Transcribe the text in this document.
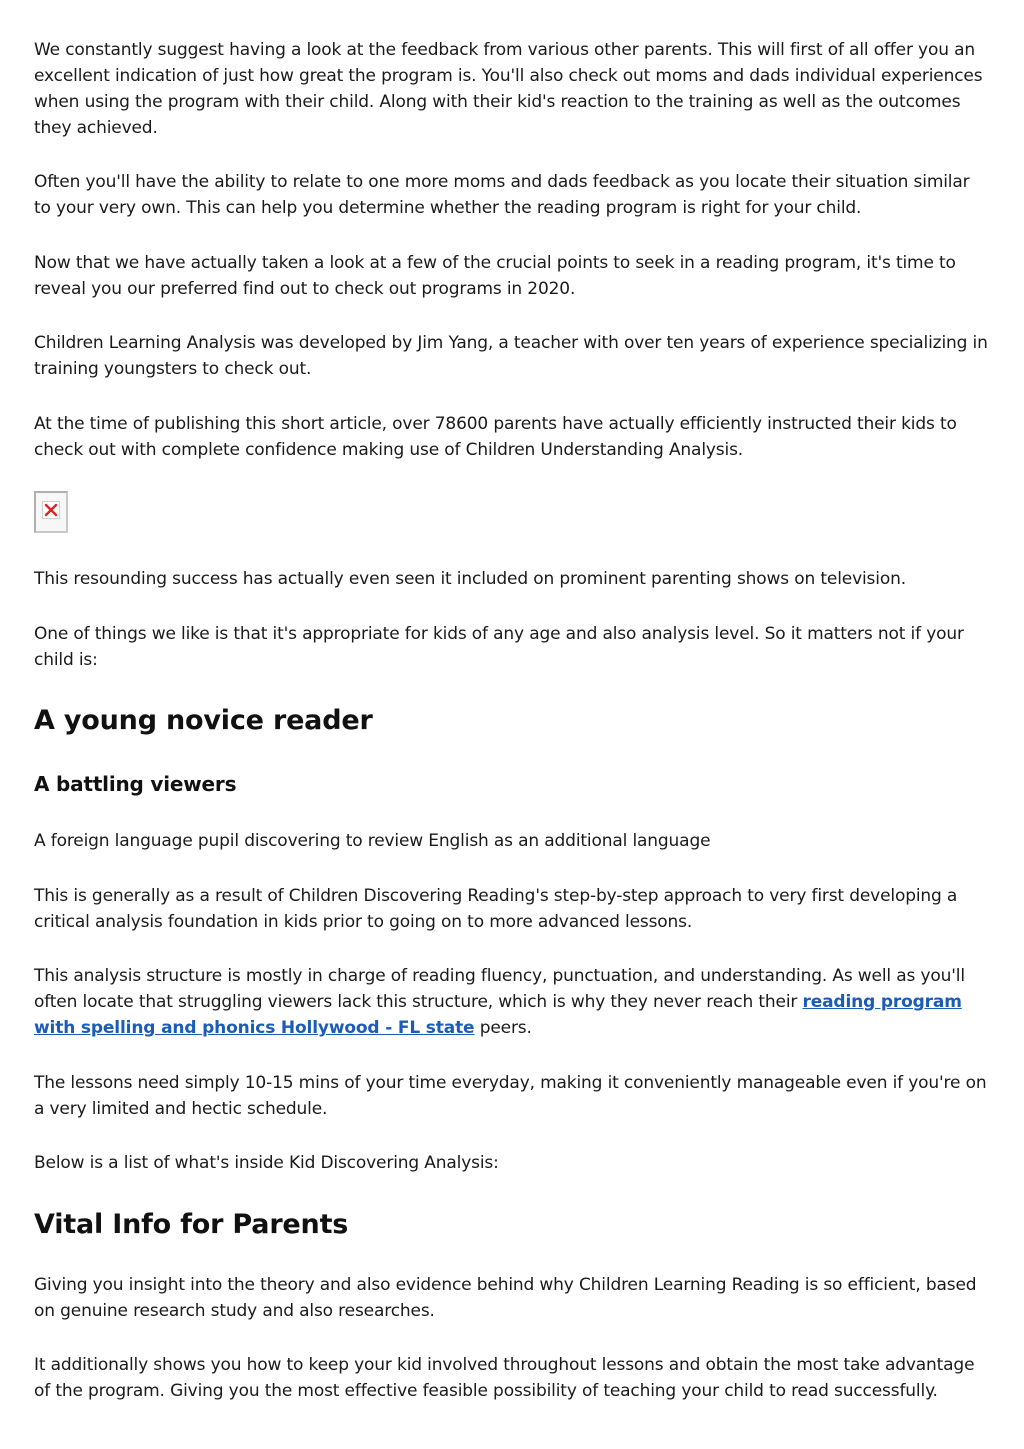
We constantly suggest having a look at the feedback from various other parents. This will first of all offer you an excellent indication of just how great the program is. You'll also check out moms and dads individual experiences when using the program with their child. Along with their kid's reaction to the training as well as the outcomes they achieved.

Often you'll have the ability to relate to one more moms and dads feedback as you locate their situation similar to your very own. This can help you determine whether the reading program is right for your child.

Now that we have actually taken a look at a few of the crucial points to seek in a reading program, it's time to reveal you our preferred find out to check out programs in 2020.

Children Learning Analysis was developed by Jim Yang, a teacher with over ten years of experience specializing in training youngsters to check out.

At the time of publishing this short article, over 78600 parents have actually efficiently instructed their kids to check out with complete confidence making use of Children Understanding Analysis.

This resounding success has actually even seen it included on prominent parenting shows on television.

One of things we like is that it's appropriate for kids of any age and also analysis level. So it matters not if your child is:

A young novice reader
A battling viewers

A foreign language pupil discovering to review English as an additional language

This is generally as a result of Children Discovering Reading's step-by-step approach to very first developing a critical analysis foundation in kids prior to going on to more advanced lessons.

This analysis structure is mostly in charge of reading fluency, punctuation, and understanding. As well as you'll often locate that struggling viewers lack this structure, which is why they never reach their reading program with spelling and phonics Hollywood - FL state peers.

The lessons need simply 10-15 mins of your time everyday, making it conveniently manageable even if you're on a very limited and hectic schedule.

Below is a list of what's inside Kid Discovering Analysis:

Vital Info for Parents

Giving you insight into the theory and also evidence behind why Children Learning Reading is so efficient, based on genuine research study and also researches.

It additionally shows you how to keep your kid involved throughout lessons and obtain the most take advantage of the program. Giving you the most effective feasible possibility of teaching your child to read successfully.
